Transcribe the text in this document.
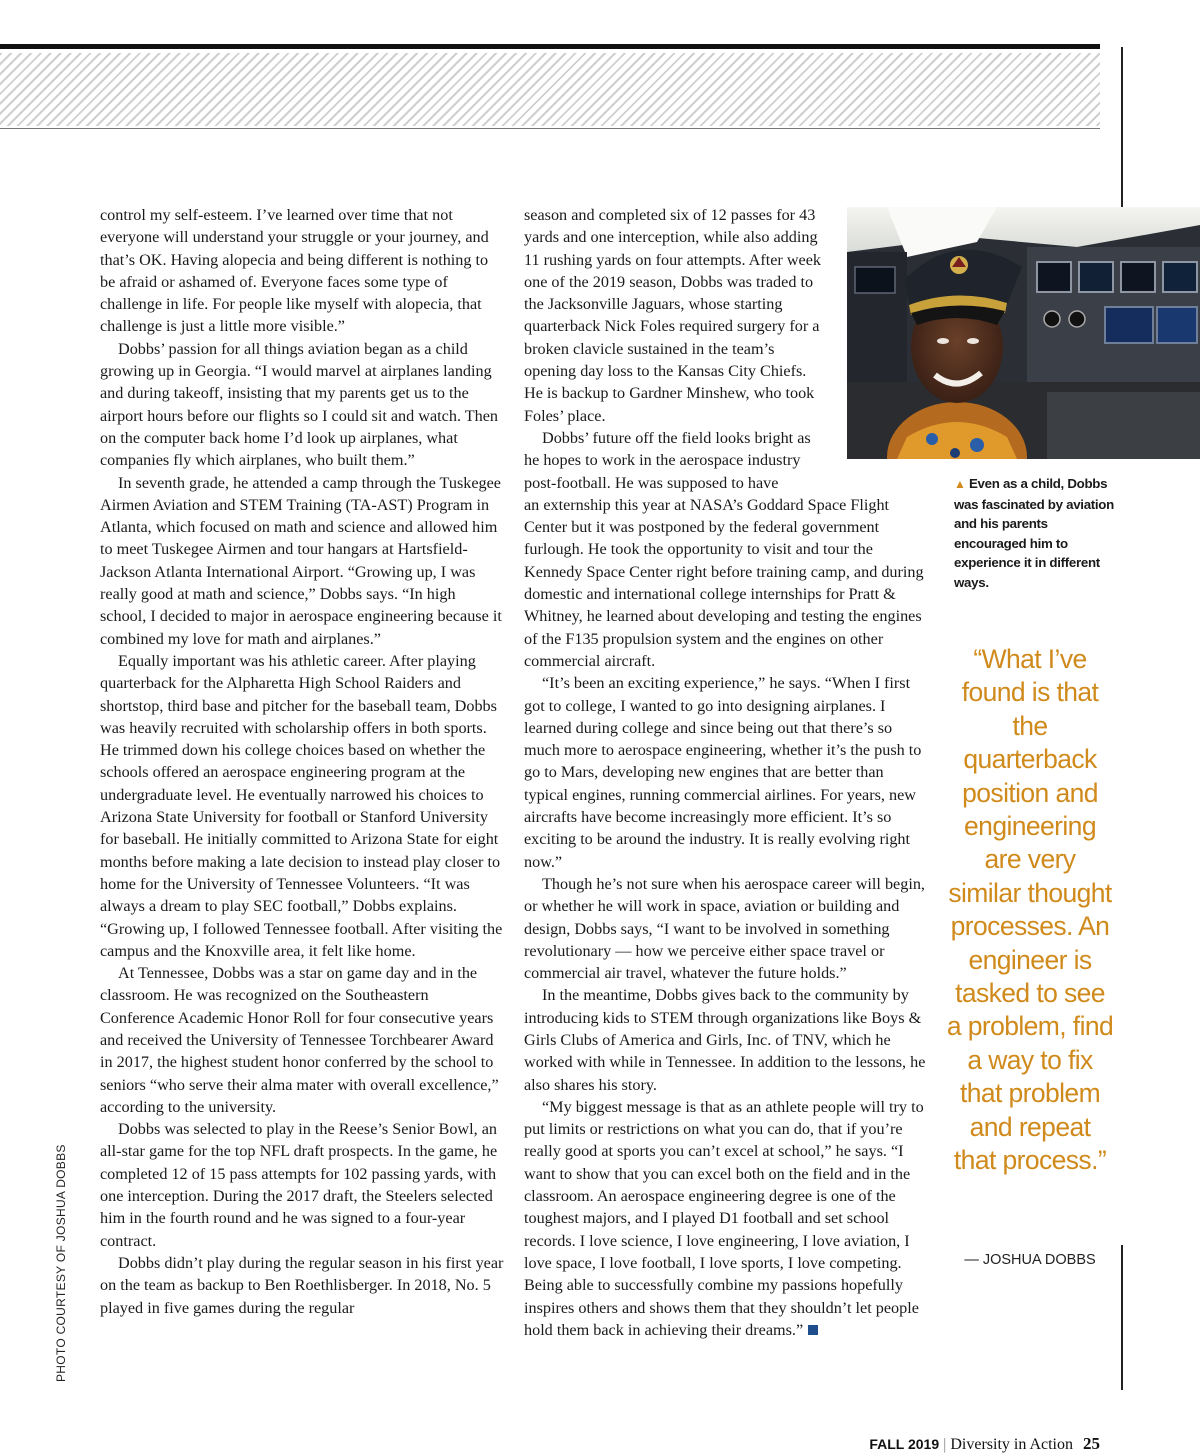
control my self-esteem. I’ve learned over time that not everyone will understand your struggle or your journey, and that’s OK. Having alopecia and being different is nothing to be afraid or ashamed of. Everyone faces some type of challenge in life. For people like myself with alopecia, that challenge is just a little more visible.”

Dobbs’ passion for all things aviation began as a child growing up in Georgia. “I would marvel at airplanes landing and during takeoff, insisting that my parents get us to the airport hours before our flights so I could sit and watch. Then on the computer back home I’d look up airplanes, what companies fly which airplanes, who built them.”

In seventh grade, he attended a camp through the Tuskegee Airmen Aviation and STEM Training (TA-AST) Program in Atlanta, which focused on math and science and allowed him to meet Tuskegee Airmen and tour hangars at Hartsfield-Jackson Atlanta International Airport. “Growing up, I was really good at math and science,” Dobbs says. “In high school, I decided to major in aerospace engineering because it combined my love for math and airplanes.”

Equally important was his athletic career. After playing quarterback for the Alpharetta High School Raiders and shortstop, third base and pitcher for the baseball team, Dobbs was heavily recruited with scholarship offers in both sports. He trimmed down his college choices based on whether the schools offered an aerospace engineering program at the undergraduate level. He eventually narrowed his choices to Arizona State University for football or Stanford University for baseball. He initially committed to Arizona State for eight months before making a late decision to instead play closer to home for the University of Tennessee Volunteers. “It was always a dream to play SEC football,” Dobbs explains. “Growing up, I followed Tennessee football. After visiting the campus and the Knoxville area, it felt like home.

At Tennessee, Dobbs was a star on game day and in the classroom. He was recognized on the Southeastern Conference Academic Honor Roll for four consecutive years and received the University of Tennessee Torchbearer Award in 2017, the highest student honor conferred by the school to seniors “who serve their alma mater with overall excellence,” according to the university.

Dobbs was selected to play in the Reese’s Senior Bowl, an all-star game for the top NFL draft prospects. In the game, he completed 12 of 15 pass attempts for 102 passing yards, with one interception. During the 2017 draft, the Steelers selected him in the fourth round and he was signed to a four-year contract.

Dobbs didn’t play during the regular season in his first year on the team as backup to Ben Roethlisberger. In 2018, No. 5 played in five games during the regular

season and completed six of 12 passes for 43 yards and one interception, while also adding 11 rushing yards on four attempts. After week one of the 2019 season, Dobbs was traded to the Jacksonville Jaguars, whose starting quarterback Nick Foles required surgery for a broken clavicle sustained in the team’s opening day loss to the Kansas City Chiefs. He is backup to Gardner Minshew, who took Foles’ place.

Dobbs’ future off the field looks bright as he hopes to work in the aerospace industry post-football. He was supposed to have

an externship this year at NASA’s Goddard Space Flight Center but it was postponed by the federal government furlough. He took the opportunity to visit and tour the Kennedy Space Center right before training camp, and during domestic and international college internships for Pratt & Whitney, he learned about developing and testing the engines of the F135 propulsion system and the engines on other commercial aircraft.

“It’s been an exciting experience,” he says. “When I first got to college, I wanted to go into designing airplanes. I learned during college and since being out that there’s so much more to aerospace engineering, whether it’s the push to go to Mars, developing new engines that are better than typical engines, running commercial airlines. For years, new aircrafts have become increasingly more efficient. It’s so exciting to be around the industry. It is really evolving right now.”

Though he’s not sure when his aerospace career will begin, or whether he will work in space, aviation or building and design, Dobbs says, “I want to be involved in something revolutionary — how we perceive either space travel or commercial air travel, whatever the future holds.”

In the meantime, Dobbs gives back to the community by introducing kids to STEM through organizations like Boys & Girls Clubs of America and Girls, Inc. of TNV, which he worked with while in Tennessee. In addition to the lessons, he also shares his story.

“My biggest message is that as an athlete people will try to put limits or restrictions on what you can do, that if you’re really good at sports you can’t excel at school,” he says. “I want to show that you can excel both on the field and in the classroom. An aerospace engineering degree is one of the toughest majors, and I played D1 football and set school records. I love science, I love engineering, I love aviation, I love space, I love football, I love sports, I love competing. Being able to successfully combine my passions hopefully inspires others and shows them that they shouldn’t let people hold them back in achieving their dreams.”

▲ Even as a child, Dobbs was fascinated by aviation and his parents encouraged him to experience it in different ways.
“What I’ve found is that the quarterback position and engineering are very similar thought processes. An engineer is tasked to see a problem, find a way to fix that problem and repeat that process.”
— JOSHUA DOBBS
PHOTO COURTESY OF JOSHUA DOBBS
FALL 2019 | Diversity in Action 25
